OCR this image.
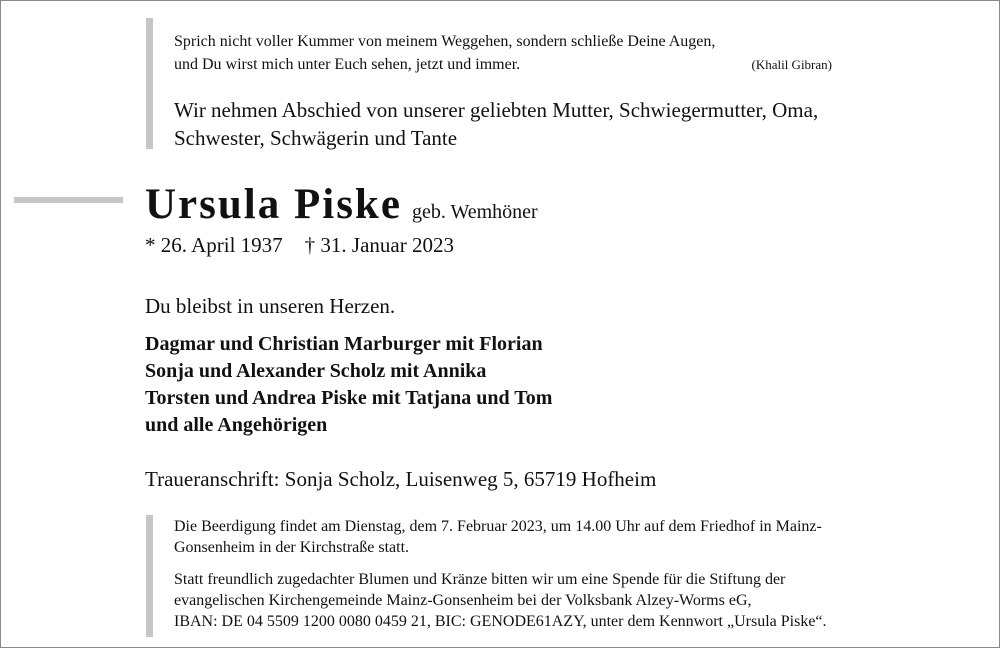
Sprich nicht voller Kummer von meinem Weggehen, sondern schließe Deine Augen,
und Du wirst mich unter Euch sehen, jetzt und immer.	(Khalil Gibran)
Wir nehmen Abschied von unserer geliebten Mutter, Schwiegermutter, Oma,
Schwester, Schwägerin und Tante
Ursula Piske geb. Wemhöner
* 26. April 1937 † 31. Januar 2023
Du bleibst in unseren Herzen.
Dagmar und Christian Marburger mit Florian
Sonja und Alexander Scholz mit Annika
Torsten und Andrea Piske mit Tatjana und Tom
und alle Angehörigen
Traueranschrift: Sonja Scholz, Luisenweg 5, 65719 Hofheim
Die Beerdigung findet am Dienstag, dem 7. Februar 2023, um 14.00 Uhr auf dem Friedhof in Mainz-
Gonsenheim in der Kirchstraße statt.
Statt freundlich zugedachter Blumen und Kränze bitten wir um eine Spende für die Stiftung der
evangelischen Kirchengemeinde Mainz-Gonsenheim bei der Volksbank Alzey-Worms eG,
IBAN: DE 04 5509 1200 0080 0459 21, BIC: GENODE61AZY, unter dem Kennwort „Ursula Piske“.
